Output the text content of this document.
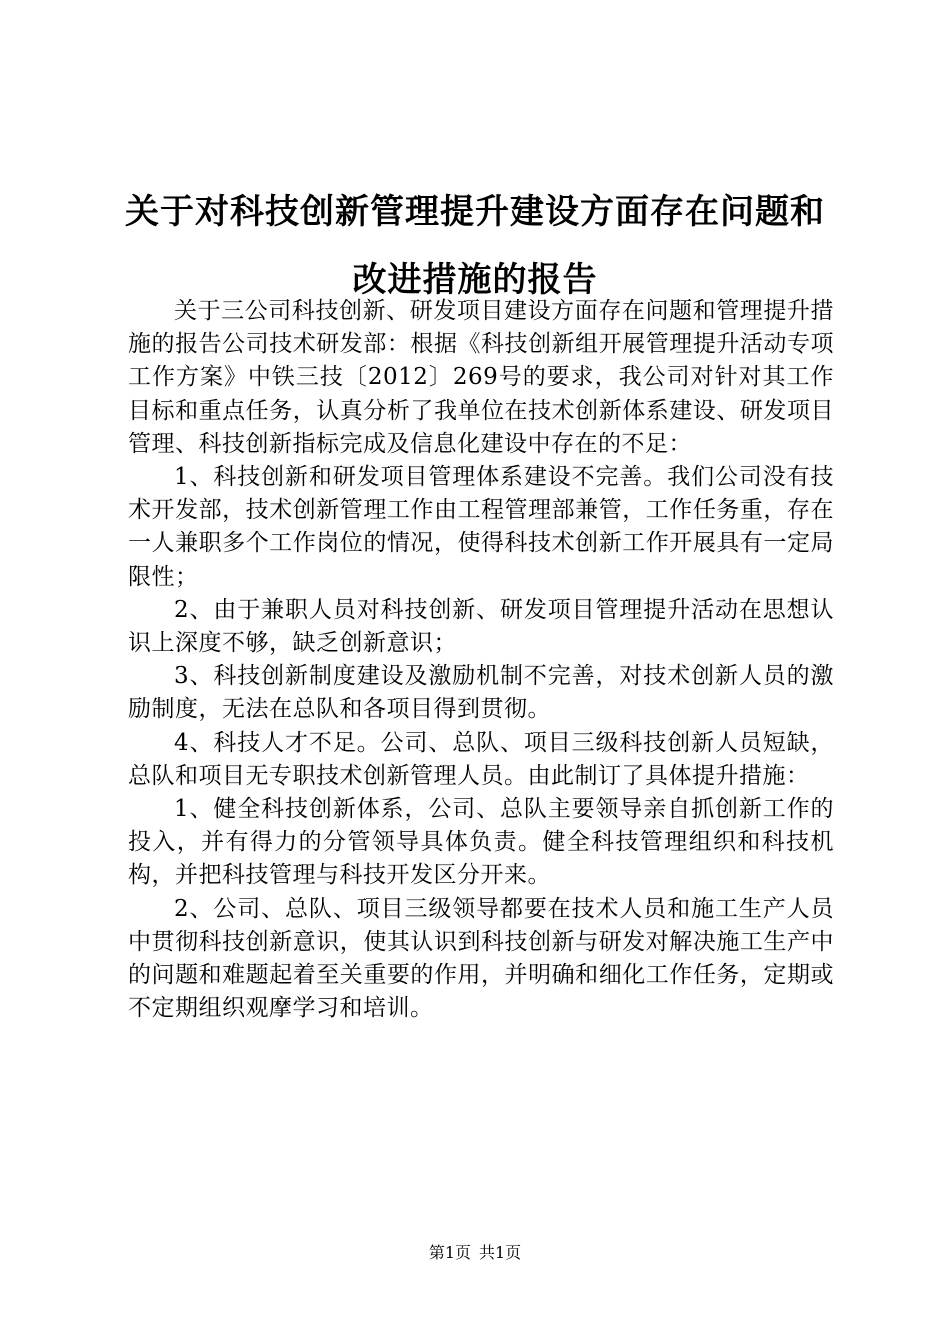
关于对科技创新管理提升建设方面存在问题和
改进措施的报告

关于三公司科技创新、研发项目建设方面存在问题和管理提升措施的报告公司技术研发部：根据《科技创新组开展管理提升活动专项工作方案》中铁三技〔2012〕269号的要求，我公司对针对其工作目标和重点任务，认真分析了我单位在技术创新体系建设、研发项目管理、科技创新指标完成及信息化建设中存在的不足：

1、科技创新和研发项目管理体系建设不完善。我们公司没有技术开发部，技术创新管理工作由工程管理部兼管，工作任务重，存在一人兼职多个工作岗位的情况，使得科技术创新工作开展具有一定局限性；

2、由于兼职人员对科技创新、研发项目管理提升活动在思想认识上深度不够，缺乏创新意识；

3、科技创新制度建设及激励机制不完善，对技术创新人员的激励制度，无法在总队和各项目得到贯彻。

4、科技人才不足。公司、总队、项目三级科技创新人员短缺，总队和项目无专职技术创新管理人员。由此制订了具体提升措施：

1、健全科技创新体系，公司、总队主要领导亲自抓创新工作的投入，并有得力的分管领导具体负责。健全科技管理组织和科技机构，并把科技管理与科技开发区分开来。

2、公司、总队、项目三级领导都要在技术人员和施工生产人员中贯彻科技创新意识，使其认识到科技创新与研发对解决施工生产中的问题和难题起着至关重要的作用，并明确和细化工作任务，定期或不定期组织观摩学习和培训。

第1页 共1页
